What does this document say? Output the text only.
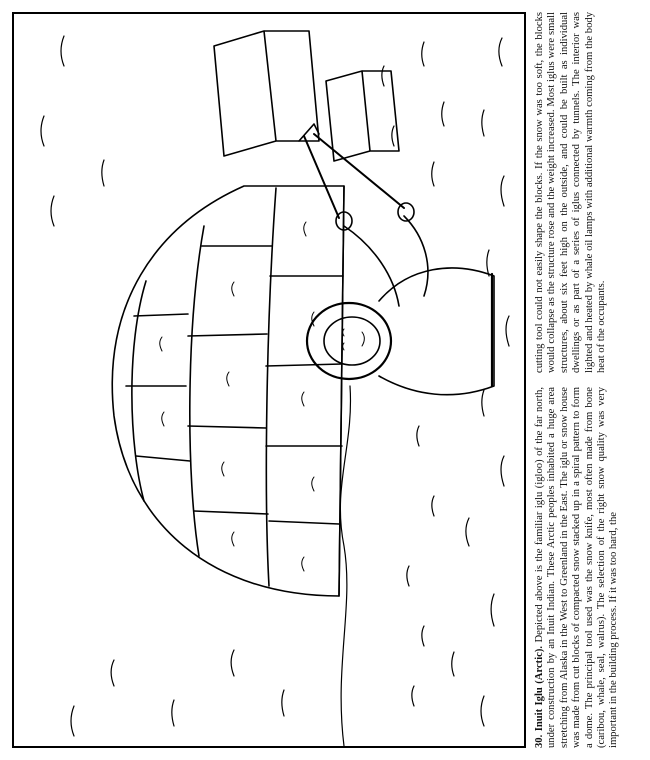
30. Inuit Iglu (Arctic). Depicted above is the familiar iglu (igloo) of the far north, under construction by an Inuit Indian. These Arctic peoples inhabited a huge area stretching from Alaska in the West to Greenland in the East. The iglu or snow house was made from cut blocks of compacted snow stacked up in a spiral pattern to form a dome. The principal tool used was the snow knife, most often made from bone (caribou, whale, seal, walrus). The selection of the right snow quality was very important in the building process. If it was too hard, the

cutting tool could not easily shape the blocks. If the snow was too soft, the blocks would collapse as the structure rose and the weight increased. Most iglus were small structures, about six feet high on the outside, and could be built as individual dwellings or as part of a series of iglus connected by tunnels. The interior was lighted and heated by whale oil lamps with additional warmth coming from the body heat of the occupants.
